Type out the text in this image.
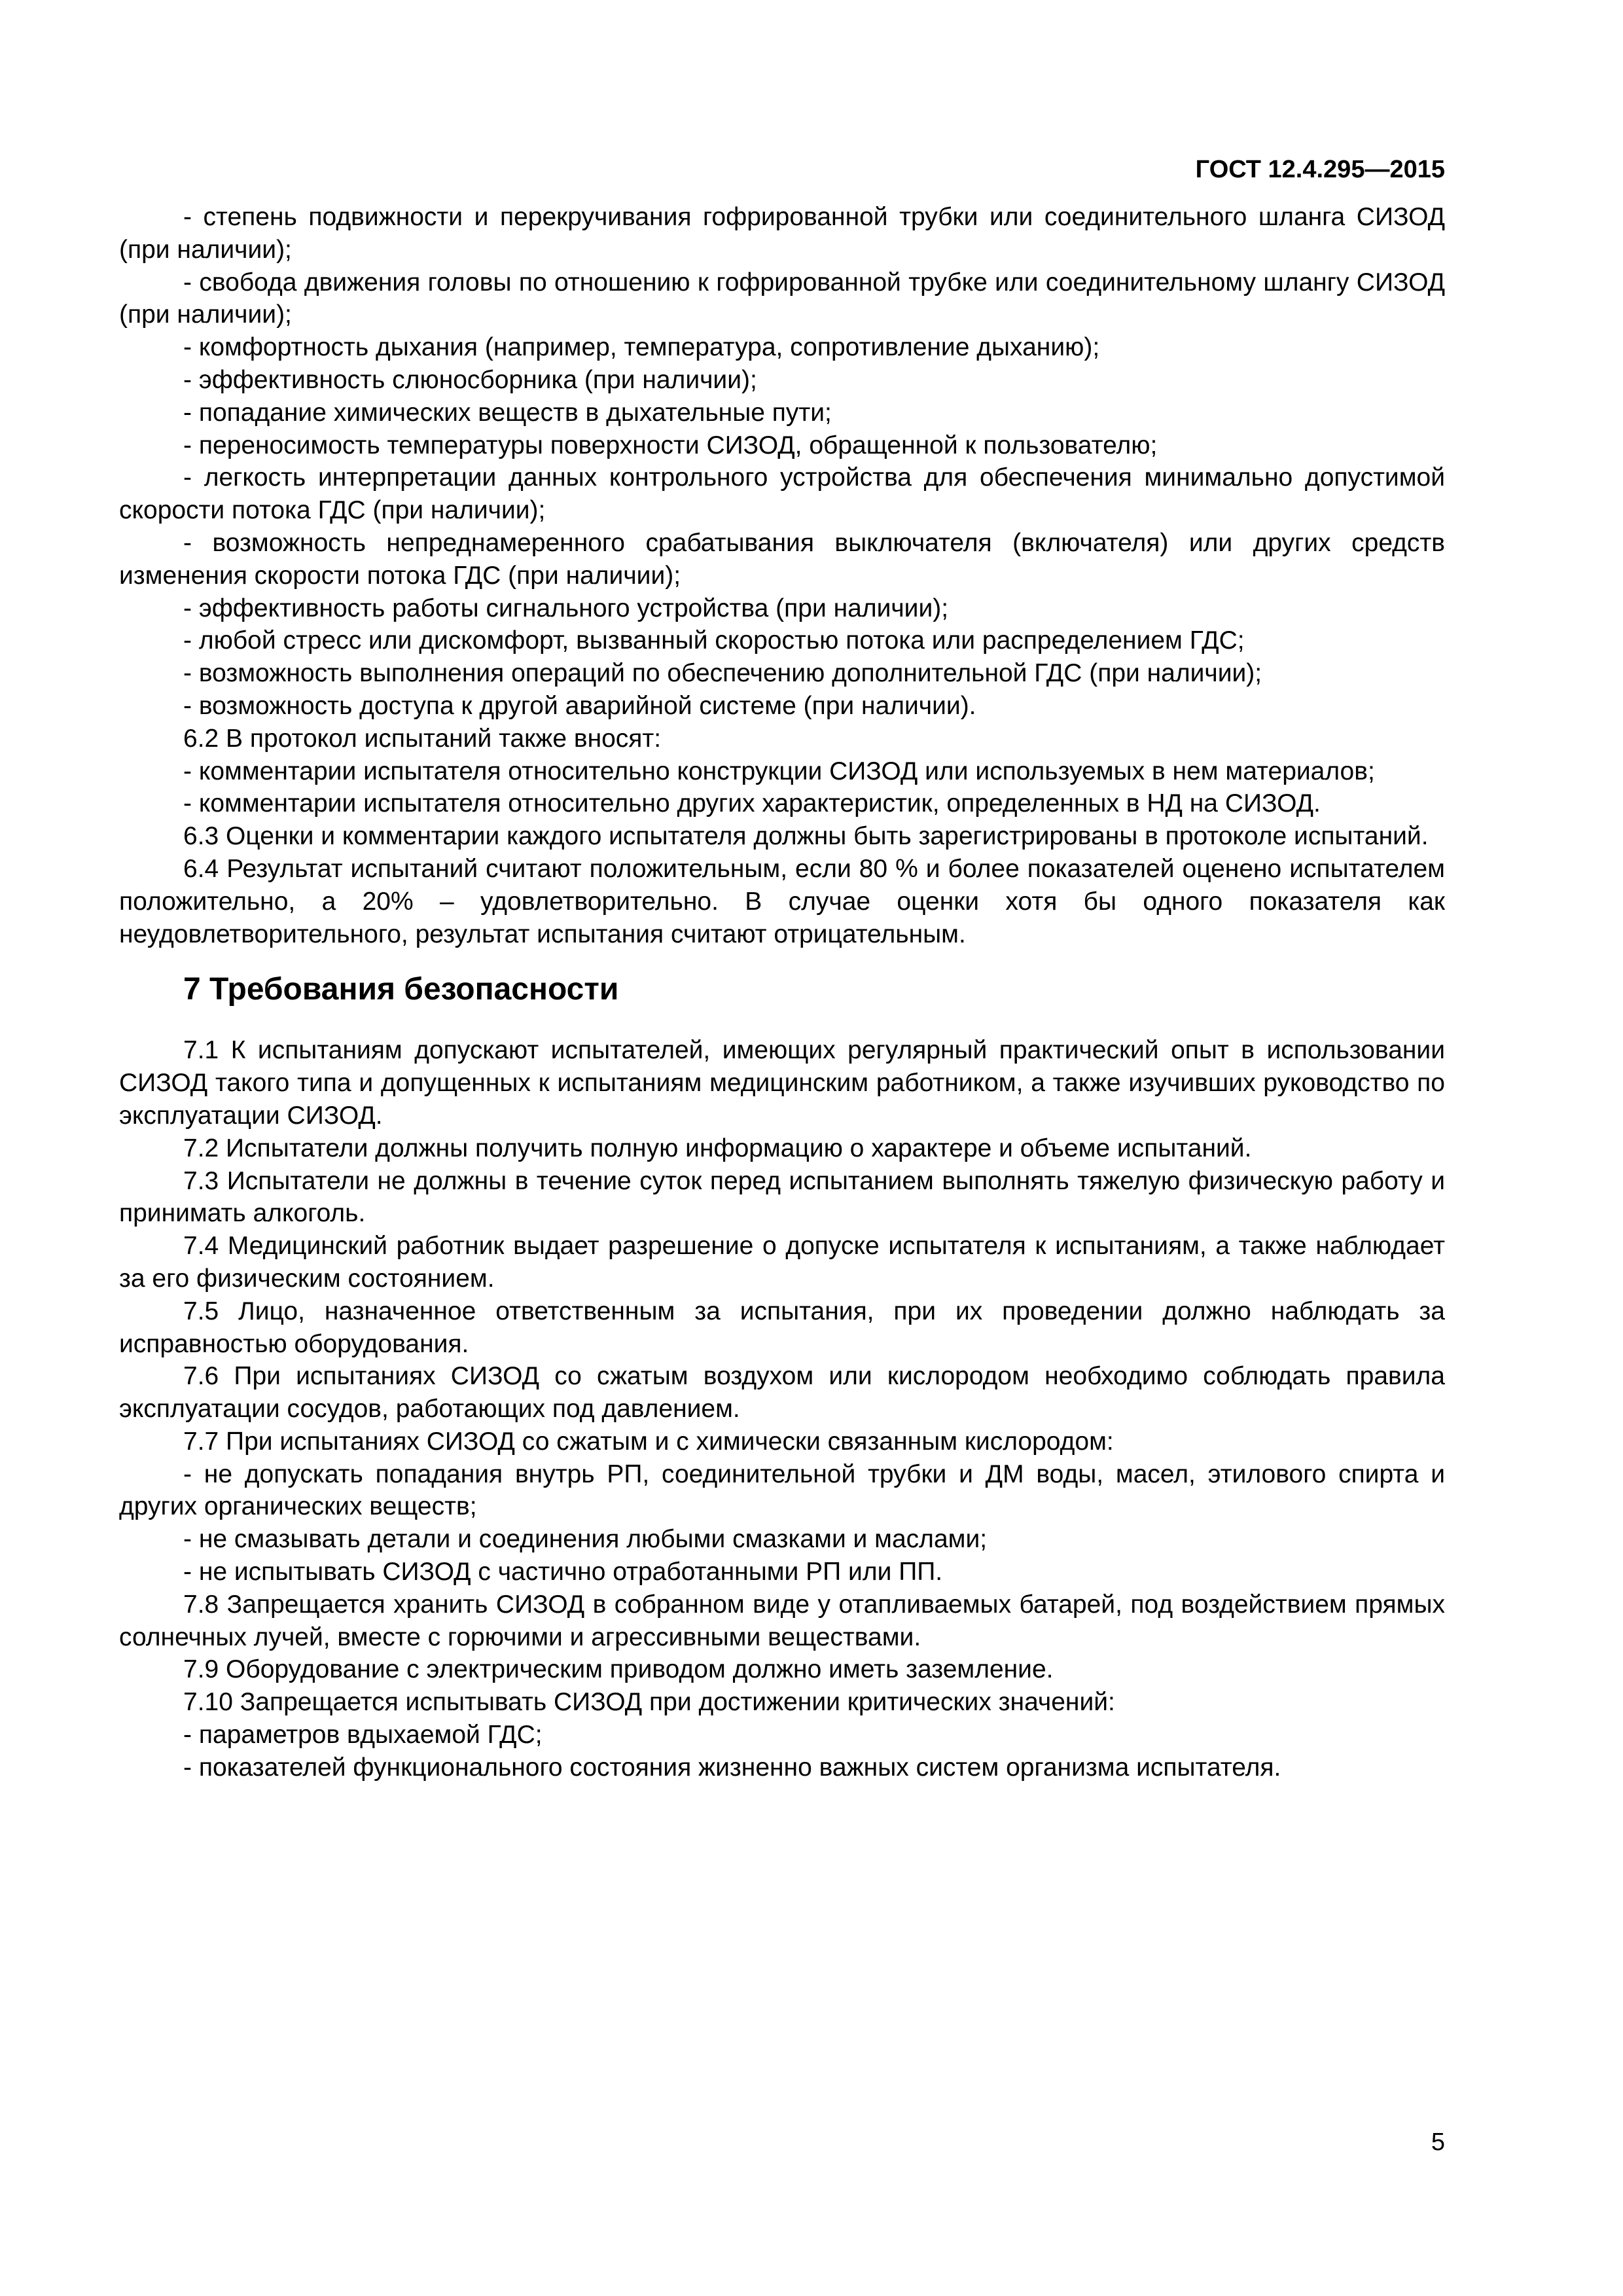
ГОСТ 12.4.295—2015

- степень подвижности и перекручивания гофрированной трубки или соединительного шланга СИЗОД (при наличии);

- свобода движения головы по отношению к гофрированной трубке или соединительному шлангу СИЗОД (при наличии);

- комфортность дыхания (например, температура, сопротивление дыханию);

- эффективность слюносборника (при наличии);

- попадание химических веществ в дыхательные пути;

- переносимость температуры поверхности СИЗОД, обращенной к пользователю;

- легкость интерпретации данных контрольного устройства для обеспечения минимально допустимой скорости потока ГДС (при наличии);

- возможность непреднамеренного срабатывания выключателя (включателя) или других средств изменения скорости потока ГДС (при наличии);

- эффективность работы сигнального устройства (при наличии);

- любой стресс или дискомфорт, вызванный скоростью потока или распределением ГДС;

- возможность выполнения операций по обеспечению дополнительной ГДС (при наличии);

- возможность доступа к другой аварийной системе (при наличии).

6.2 В протокол испытаний также вносят:

- комментарии испытателя относительно конструкции СИЗОД или используемых в нем материалов;

- комментарии испытателя относительно других характеристик, определенных в НД на СИЗОД.

6.3 Оценки и комментарии каждого испытателя должны быть зарегистрированы в протоколе испытаний.

6.4 Результат испытаний считают положительным, если 80 % и более показателей оценено испытателем положительно, а 20% – удовлетворительно. В случае оценки хотя бы одного показателя как неудовлетворительного, результат испытания считают отрицательным.

7 Требования безопасности

7.1 К испытаниям допускают испытателей, имеющих регулярный практический опыт в использовании СИЗОД такого типа и допущенных к испытаниям медицинским работником, а также изучивших руководство по эксплуатации СИЗОД.

7.2 Испытатели должны получить полную информацию о характере и объеме испытаний.

7.3 Испытатели не должны в течение суток перед испытанием выполнять тяжелую физическую работу и принимать алкоголь.

7.4 Медицинский работник выдает разрешение о допуске испытателя к испытаниям, а также наблюдает за его физическим состоянием.

7.5 Лицо, назначенное ответственным за испытания, при их проведении должно наблюдать за исправностью оборудования.

7.6 При испытаниях СИЗОД со сжатым воздухом или кислородом необходимо соблюдать правила эксплуатации сосудов, работающих под давлением.

7.7 При испытаниях СИЗОД со сжатым и с химически связанным кислородом:

- не допускать попадания внутрь РП, соединительной трубки и ДМ воды, масел, этилового спирта и других органических веществ;

- не смазывать детали и соединения любыми смазками и маслами;

- не испытывать СИЗОД с частично отработанными РП или ПП.

7.8 Запрещается хранить СИЗОД в собранном виде у отапливаемых батарей, под воздействием прямых солнечных лучей, вместе с горючими и агрессивными веществами.

7.9 Оборудование с электрическим приводом должно иметь заземление.

7.10 Запрещается испытывать СИЗОД при достижении критических значений:

- параметров вдыхаемой ГДС;

- показателей функционального состояния жизненно важных систем организма испытателя.

5
